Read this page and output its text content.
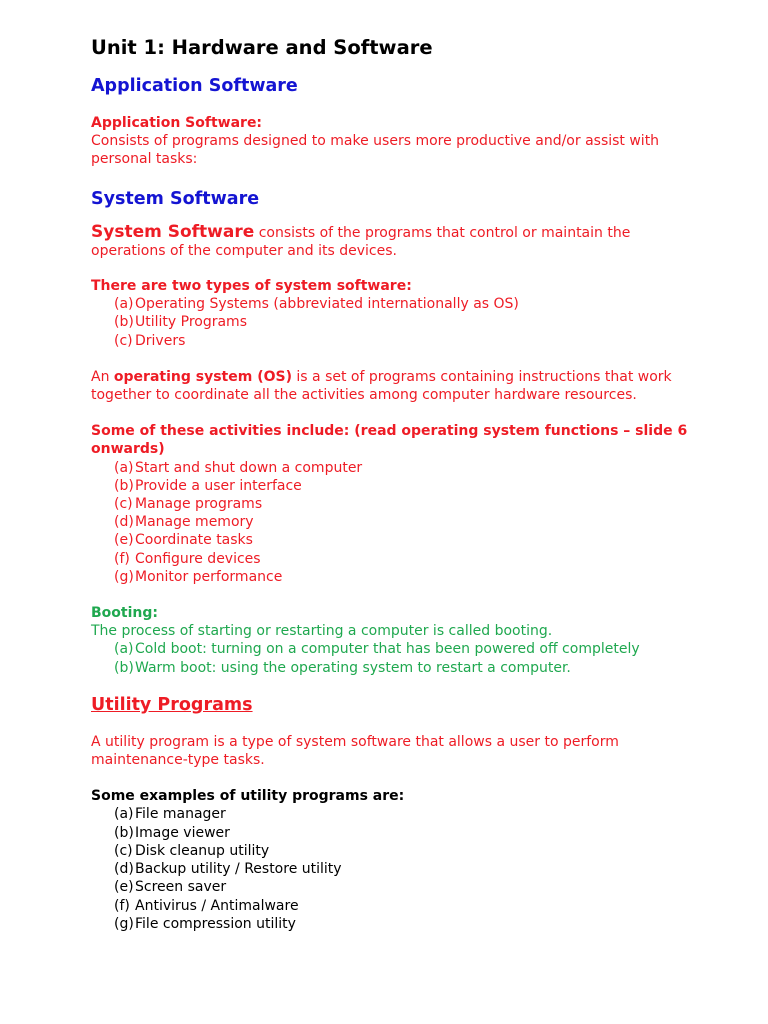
Unit 1: Hardware and Software
Application Software
Application Software:
Consists of programs designed to make users more productive and/or assist with personal tasks:
System Software
System Software consists of the programs that control or maintain the operations of the computer and its devices.
There are two types of system software:
(a) Operating Systems (abbreviated internationally as OS)
(b) Utility Programs
(c) Drivers
An operating system (OS) is a set of programs containing instructions that work together to coordinate all the activities among computer hardware resources.
Some of these activities include: (read operating system functions – slide 6 onwards)
(a) Start and shut down a computer
(b) Provide a user interface
(c) Manage programs
(d) Manage memory
(e) Coordinate tasks
(f) Configure devices
(g) Monitor performance
Booting:
The process of starting or restarting a computer is called booting.
(a) Cold boot: turning on a computer that has been powered off completely
(b) Warm boot: using the operating system to restart a computer.
Utility Programs
A utility program is a type of system software that allows a user to perform maintenance-type tasks.
Some examples of utility programs are:
(a) File manager
(b) Image viewer
(c) Disk cleanup utility
(d) Backup utility / Restore utility
(e) Screen saver
(f) Antivirus / Antimalware
(g) File compression utility
